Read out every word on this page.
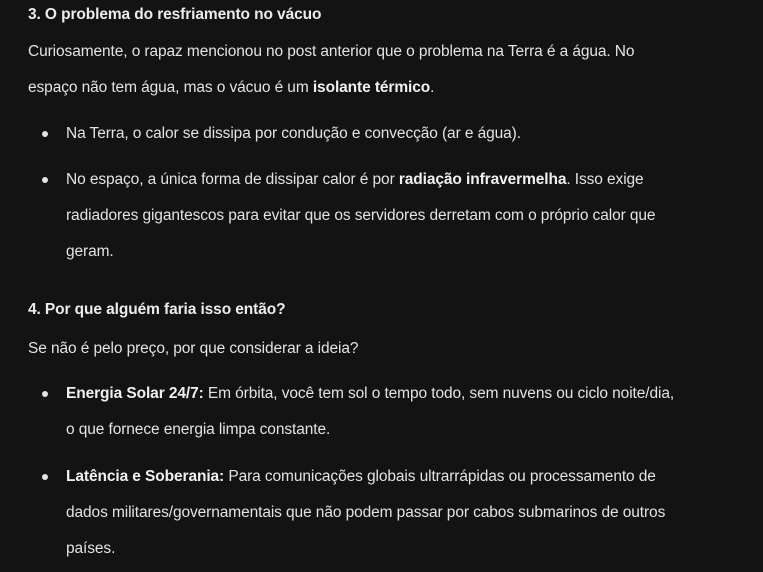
3. O problema do resfriamento no vácuo
Curiosamente, o rapaz mencionou no post anterior que o problema na Terra é a água. No
espaço não tem água, mas o vácuo é um isolante térmico.
Na Terra, o calor se dissipa por condução e convecção (ar e água).
No espaço, a única forma de dissipar calor é por radiação infravermelha. Isso exige
radiadores gigantescos para evitar que os servidores derretam com o próprio calor que
geram.
4. Por que alguém faria isso então?
Se não é pelo preço, por que considerar a ideia?
Energia Solar 24/7: Em órbita, você tem sol o tempo todo, sem nuvens ou ciclo noite/dia,
o que fornece energia limpa constante.
Latência e Soberania: Para comunicações globais ultrarrápidas ou processamento de
dados militares/governamentais que não podem passar por cabos submarinos de outros
países.
